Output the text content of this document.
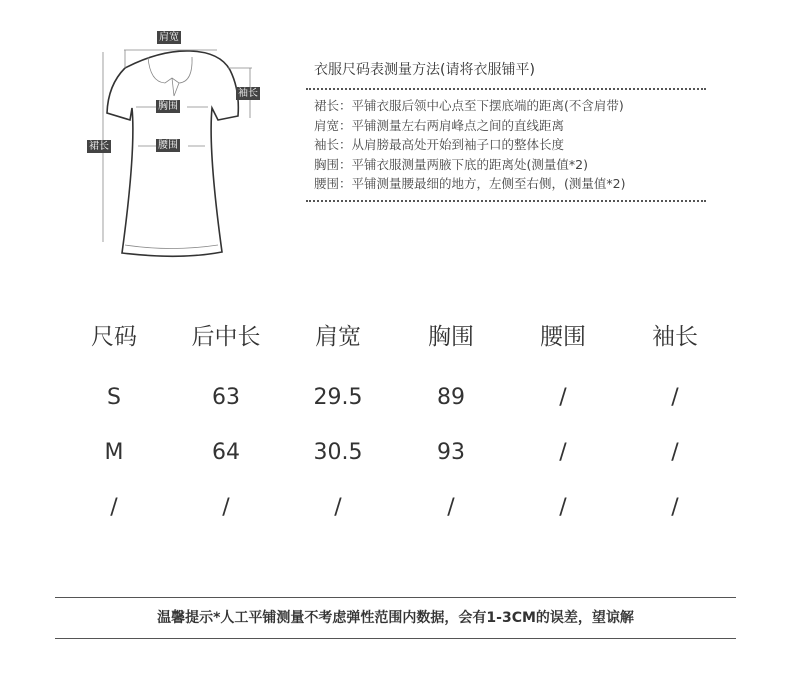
肩宽
袖长
胸围
腰围
裙长
衣服尺码表测量方法(请将衣服铺平)
裙长：平铺衣服后领中心点至下摆底端的距离(不含肩带)
肩宽：平铺测量左右两肩峰点之间的直线距离
袖长：从肩膀最高处开始到袖子口的整体长度
胸围：平铺衣服测量两腋下底的距离处(测量值*2)
腰围：平铺测量腰最细的地方，左侧至右侧，(测量值*2)
尺码	后中长	肩宽	胸围	腰围	袖长
S	63	29.5	89	/	/
M	64	30.5	93	/	/
/	/	/	/	/	/
温馨提示*人工平铺测量不考虑弹性范围内数据，会有1-3CM的误差，望谅解
